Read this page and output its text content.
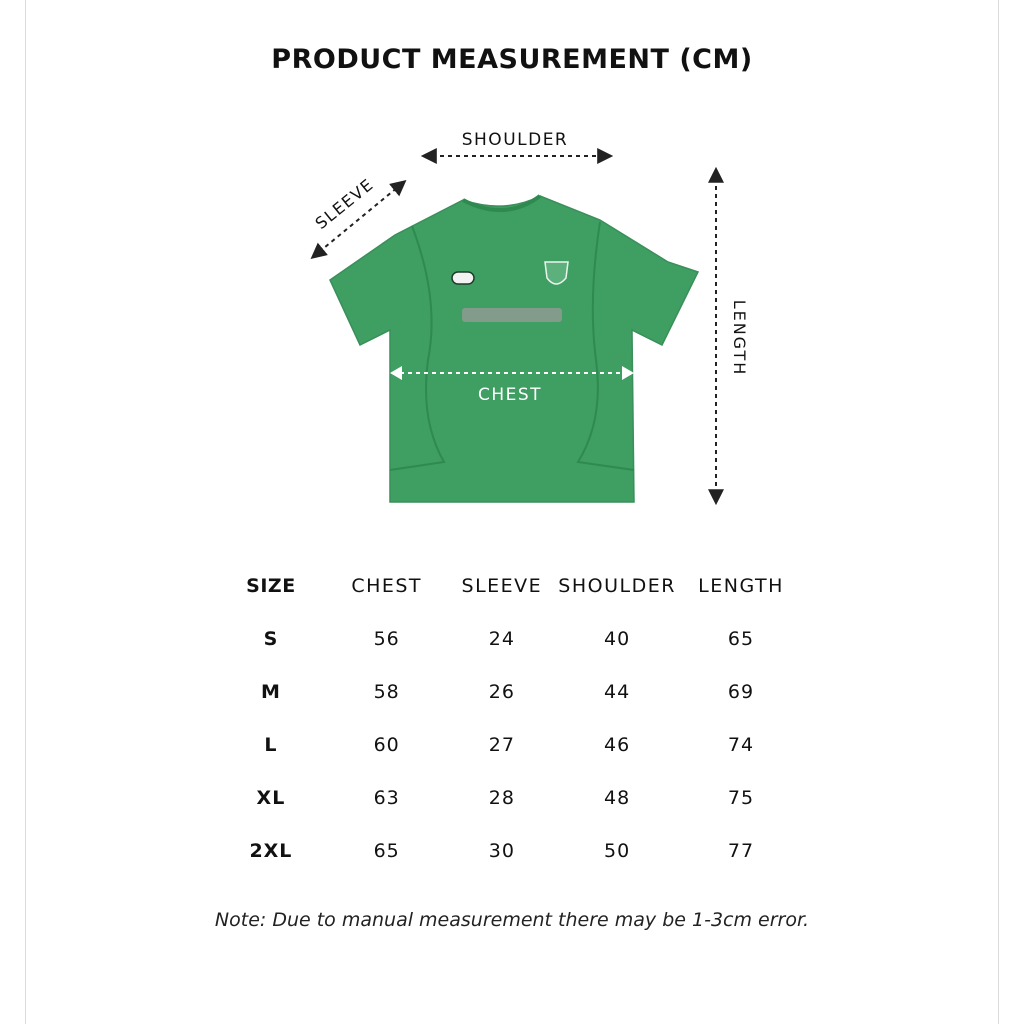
PRODUCT MEASUREMENT (CM)
SHOULDER
SLEEVE
LENGTH
CHEST
SIZE	CHEST	SLEEVE	SHOULDER	LENGTH
S	56	24	40	65
M	58	26	44	69
L	60	27	46	74
XL	63	28	48	75
2XL	65	30	50	77
Note: Due to manual measurement there may be 1-3cm error.
